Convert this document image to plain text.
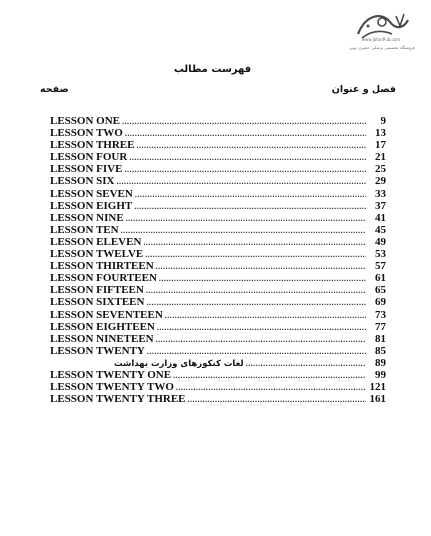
www.JafariPub.com
فروشگاه تخصصی پزشکی جعفری نوین
فهرست مطالب
صفحه	فصل و عنوان
LESSON ONE .....	9
LESSON TWO .....	13
LESSON THREE .....	17
LESSON FOUR .....	21
LESSON FIVE .....	25
LESSON SIX .....	29
LESSON SEVEN .....	33
LESSON EIGHT .....	37
LESSON NINE .....	41
LESSON TEN .....	45
LESSON ELEVEN .....	49
LESSON TWELVE .....	53
LESSON THIRTEEN .....	57
LESSON FOURTEEN .....	61
LESSON FIFTEEN .....	65
LESSON SIXTEEN .....	69
LESSON SEVENTEEN .....	73
LESSON EIGHTEEN .....	77
LESSON NINETEEN .....	81
LESSON TWENTY .....	85
لغات کنکورهای وزارت بهداشت .....	89
LESSON TWENTY ONE .....	99
LESSON TWENTY TWO .....	121
LESSON TWENTY THREE .....	161
